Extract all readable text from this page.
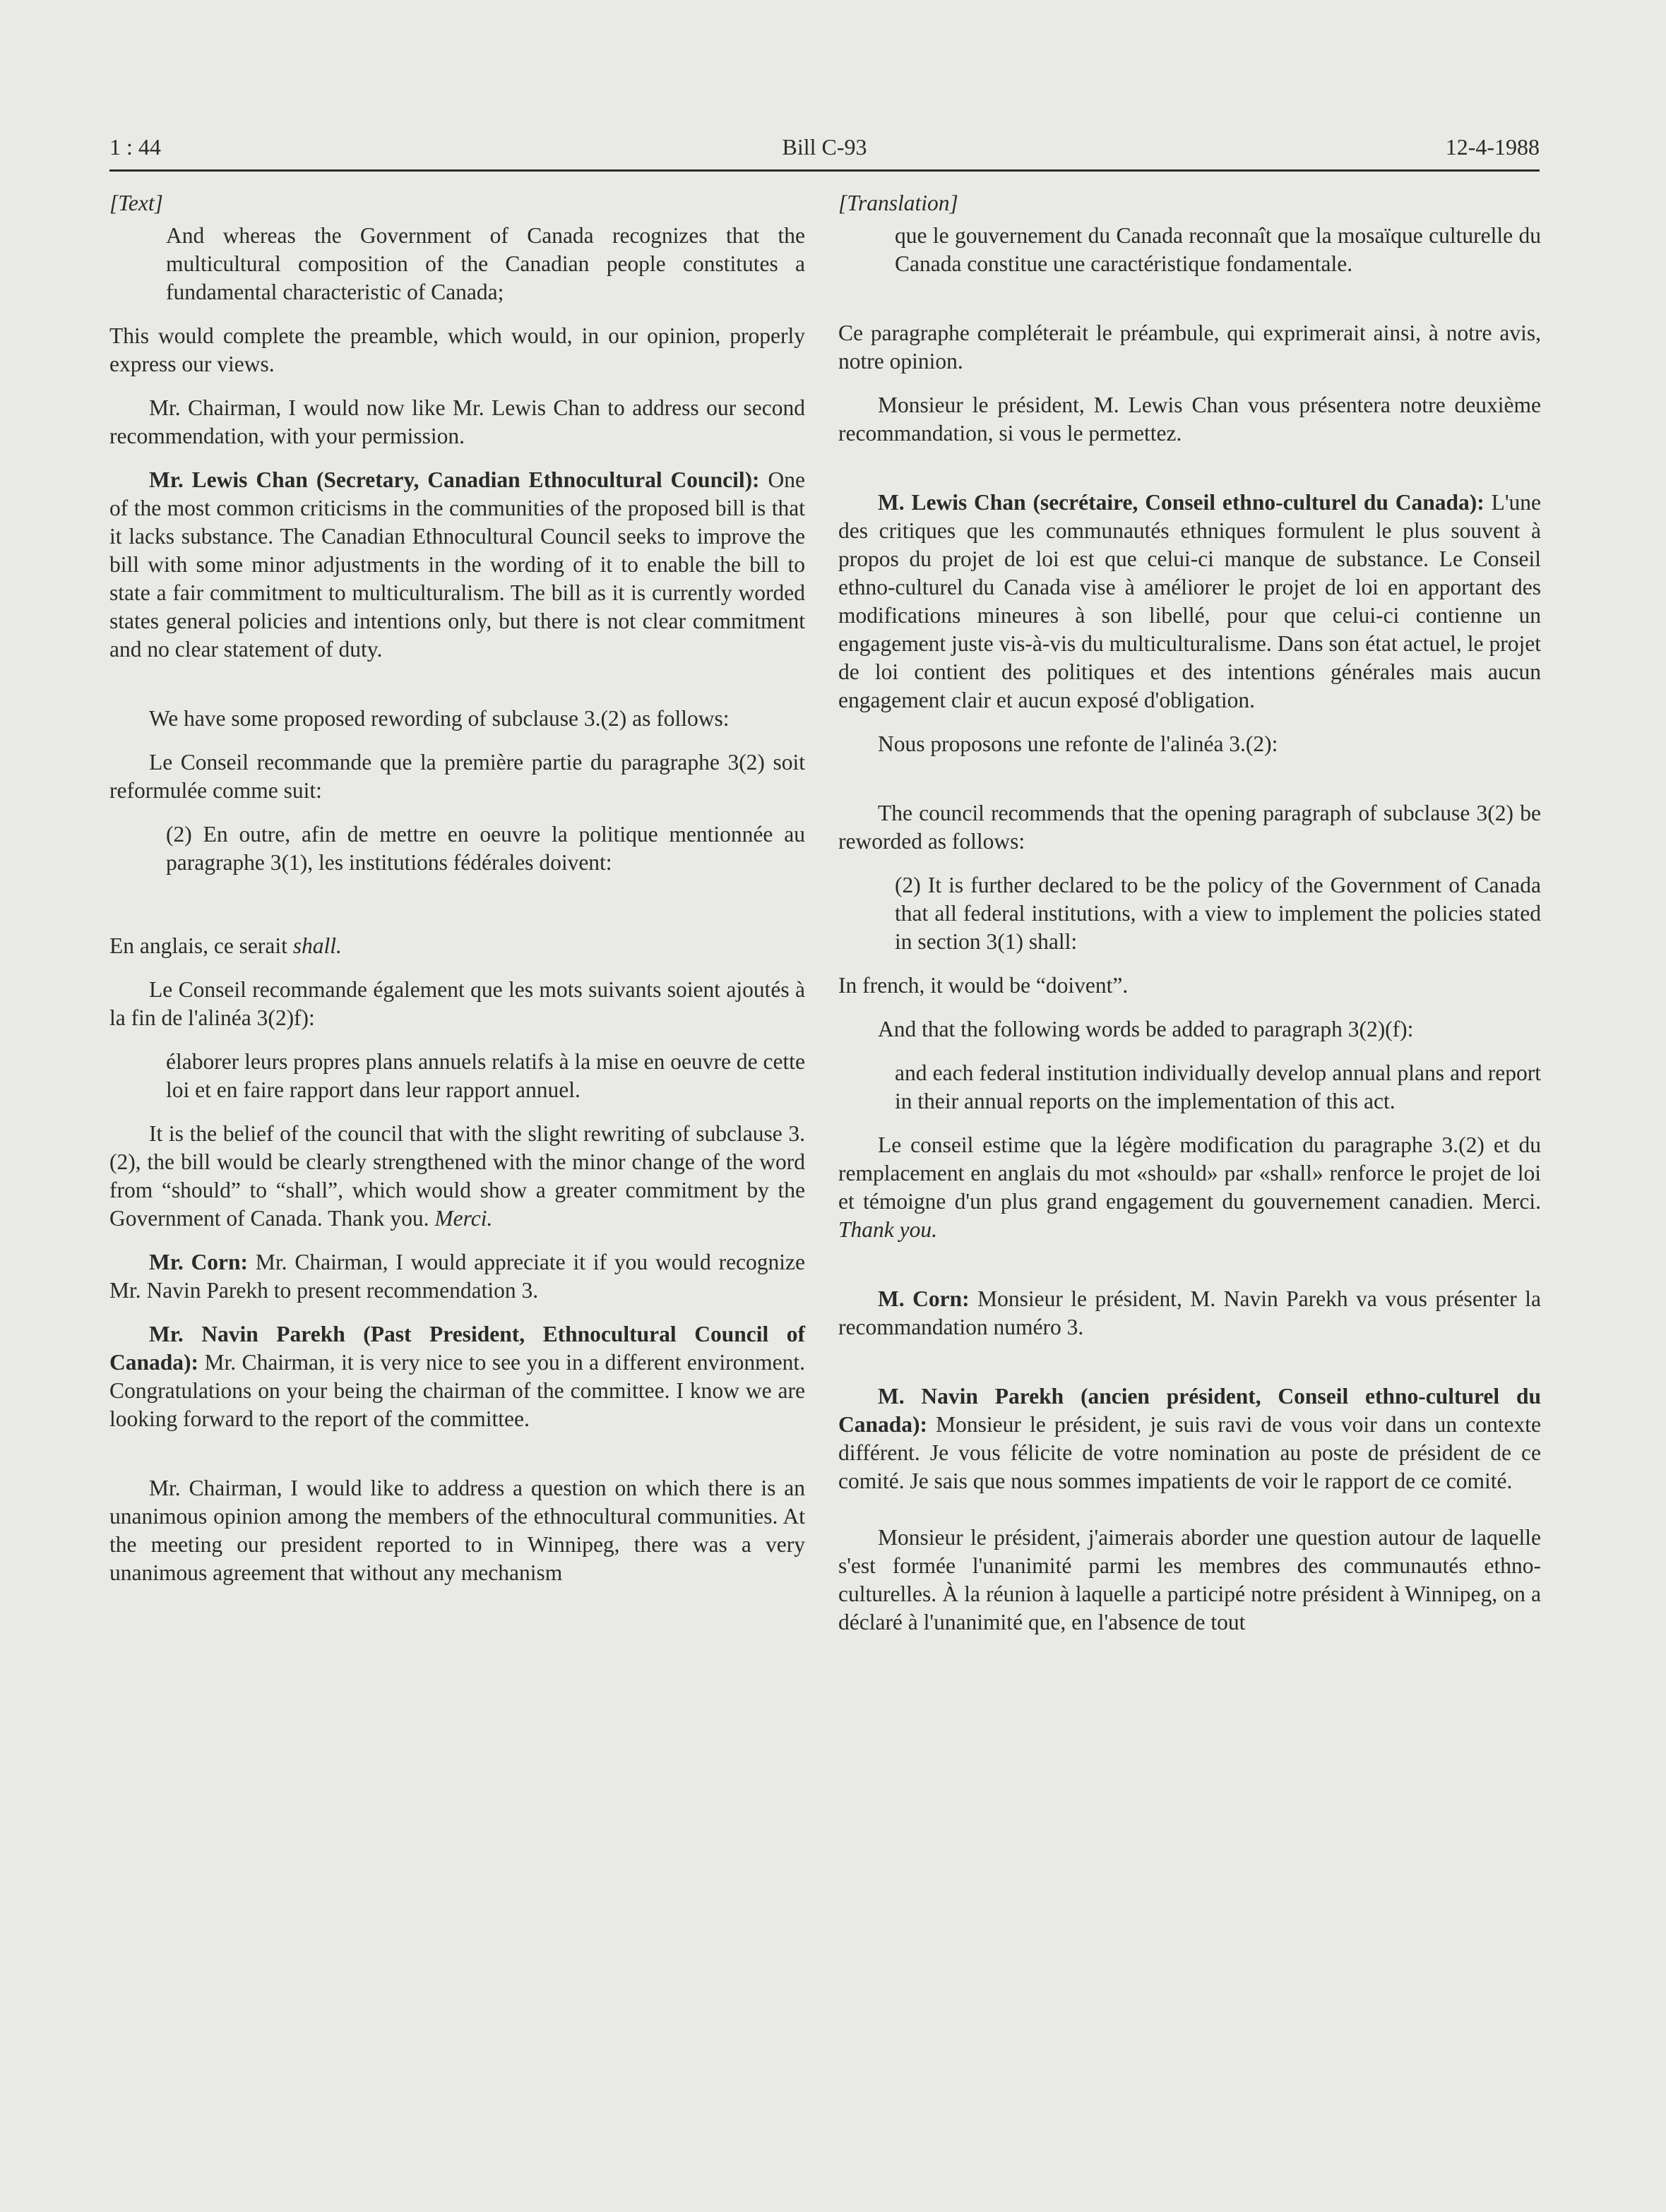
1 : 44	Bill C-93	12-4-1988
[Text]

And whereas the Government of Canada recognizes that the multicultural composition of the Canadian people constitutes a fundamental characteristic of Canada;

This would complete the preamble, which would, in our opinion, properly express our views.

Mr. Chairman, I would now like Mr. Lewis Chan to address our second recommendation, with your permission.

Mr. Lewis Chan (Secretary, Canadian Ethnocultural Council): One of the most common criticisms in the communities of the proposed bill is that it lacks substance. The Canadian Ethnocultural Council seeks to improve the bill with some minor adjustments in the wording of it to enable the bill to state a fair commitment to multiculturalism. The bill as it is currently worded states general policies and intentions only, but there is not clear commitment and no clear statement of duty.

We have some proposed rewording of subclause 3.(2) as follows:

Le Conseil recommande que la première partie du paragraphe 3(2) soit reformulée comme suit:

(2) En outre, afin de mettre en oeuvre la politique mentionnée au paragraphe 3(1), les institutions fédérales doivent:

En anglais, ce serait shall.

Le Conseil recommande également que les mots suivants soient ajoutés à la fin de l'alinéa 3(2)f):

élaborer leurs propres plans annuels relatifs à la mise en oeuvre de cette loi et en faire rapport dans leur rapport annuel.

It is the belief of the council that with the slight rewriting of subclause 3.(2), the bill would be clearly strengthened with the minor change of the word from “should” to “shall”, which would show a greater commitment by the Government of Canada. Thank you. Merci.

Mr. Corn: Mr. Chairman, I would appreciate it if you would recognize Mr. Navin Parekh to present recommendation 3.

Mr. Navin Parekh (Past President, Ethnocultural Council of Canada): Mr. Chairman, it is very nice to see you in a different environment. Congratulations on your being the chairman of the committee. I know we are looking forward to the report of the committee.

Mr. Chairman, I would like to address a question on which there is an unanimous opinion among the members of the ethnocultural communities. At the meeting our president reported to in Winnipeg, there was a very unanimous agreement that without any mechanism

[Translation]

que le gouvernement du Canada reconnaît que la mosaïque culturelle du Canada constitue une caractéristique fondamentale.

Ce paragraphe compléterait le préambule, qui exprimerait ainsi, à notre avis, notre opinion.

Monsieur le président, M. Lewis Chan vous présentera notre deuxième recommandation, si vous le permettez.

M. Lewis Chan (secrétaire, Conseil ethno-culturel du Canada): L'une des critiques que les communautés ethniques formulent le plus souvent à propos du projet de loi est que celui-ci manque de substance. Le Conseil ethno-culturel du Canada vise à améliorer le projet de loi en apportant des modifications mineures à son libellé, pour que celui-ci contienne un engagement juste vis-à-vis du multiculturalisme. Dans son état actuel, le projet de loi contient des politiques et des intentions générales mais aucun engagement clair et aucun exposé d'obligation.

Nous proposons une refonte de l'alinéa 3.(2):

The council recommends that the opening paragraph of subclause 3(2) be reworded as follows:

(2) It is further declared to be the policy of the Government of Canada that all federal institutions, with a view to implement the policies stated in section 3(1) shall:

In french, it would be “doivent”.

And that the following words be added to paragraph 3(2)(f):

and each federal institution individually develop annual plans and report in their annual reports on the implementation of this act.

Le conseil estime que la légère modification du paragraphe 3.(2) et du remplacement en anglais du mot «should» par «shall» renforce le projet de loi et témoigne d'un plus grand engagement du gouvernement canadien. Merci. Thank you.

M. Corn: Monsieur le président, M. Navin Parekh va vous présenter la recommandation numéro 3.

M. Navin Parekh (ancien président, Conseil ethno-culturel du Canada): Monsieur le président, je suis ravi de vous voir dans un contexte différent. Je vous félicite de votre nomination au poste de président de ce comité. Je sais que nous sommes impatients de voir le rapport de ce comité.

Monsieur le président, j'aimerais aborder une question autour de laquelle s'est formée l'unanimité parmi les membres des communautés ethno-culturelles. À la réunion à laquelle a participé notre président à Winnipeg, on a déclaré à l'unanimité que, en l'absence de tout
